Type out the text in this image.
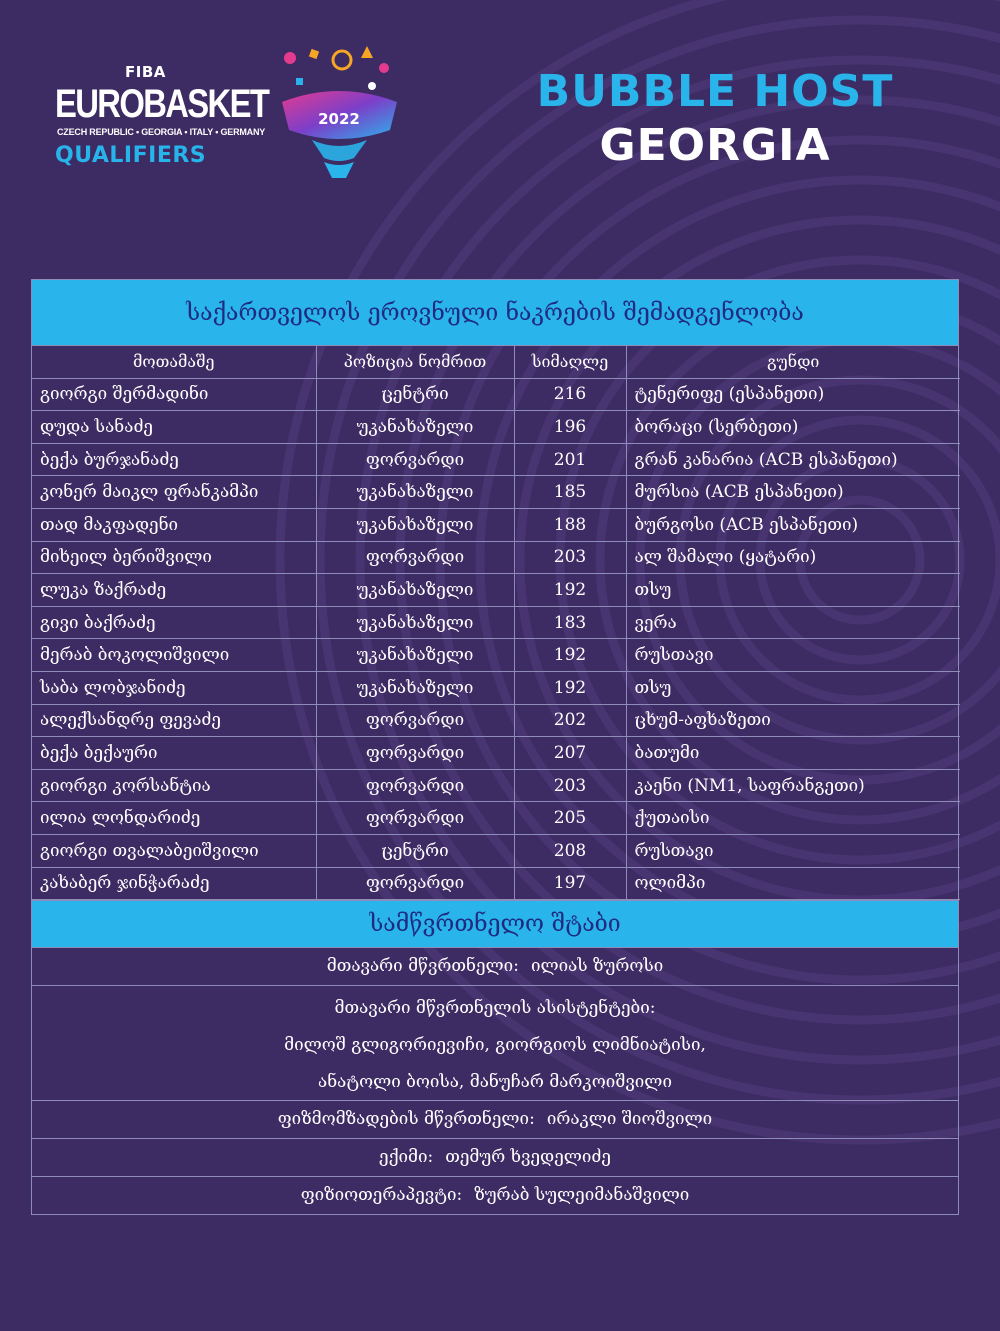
FIBA
EUROBASKET
CZECH REPUBLIC • GEORGIA • ITALY • GERMANY
QUALIFIERS
2022
BUBBLE HOST
GEORGIA
საქართველოს ეროვნული ნაკრების შემადგენლობა
მოთამაშე	პოზიცია ნომრით	სიმაღლე	გუნდი
გიორგი შერმადინი	ცენტრი	216	ტენერიფე (ესპანეთი)
დუდა სანაძე	უკანახაზელი	196	ბორაცი (სერბეთი)
ბექა ბურჯანაძე	ფორვარდი	201	გრან კანარია (ACB ესპანეთი)
კონერ მაიკლ ფრანკამპი	უკანახაზელი	185	მურსია (ACB ესპანეთი)
თად მაკფადენი	უკანახაზელი	188	ბურგოსი (ACB ესპანეთი)
მიხეილ ბერიშვილი	ფორვარდი	203	ალ შამალი (ყატარი)
ლუკა ზაქრაძე	უკანახაზელი	192	თსუ
გივი ბაქრაძე	უკანახაზელი	183	ვერა
მერაბ ბოკოლიშვილი	უკანახაზელი	192	რუსთავი
საბა ლობჯანიძე	უკანახაზელი	192	თსუ
ალექსანდრე ფევაძე	ფორვარდი	202	ცხუმ-აფხაზეთი
ბექა ბექაური	ფორვარდი	207	ბათუმი
გიორგი კორსანტია	ფორვარდი	203	კაენი (NM1, საფრანგეთი)
ილია ლონდარიძე	ფორვარდი	205	ქუთაისი
გიორგი თვალაბეიშვილი	ცენტრი	208	რუსთავი
კახაბერ ჯინჭარაძე	ფორვარდი	197	ოლიმპი
სამწვრთნელო შტაბი
მთავარი მწვრთნელი: ილიას ზუროსი
მთავარი მწვრთნელის ასისტენტები:
მილოშ გლიგორიევიჩი, გიორგიოს ლიმნიატისი,
ანატოლი ბოისა, მანუჩარ მარკოიშვილი
ფიზმომზადების მწვრთნელი: ირაკლი შიოშვილი
ექიმი: თემურ ხვედელიძე
ფიზიოთერაპევტი: ზურაბ სულეიმანაშვილი
